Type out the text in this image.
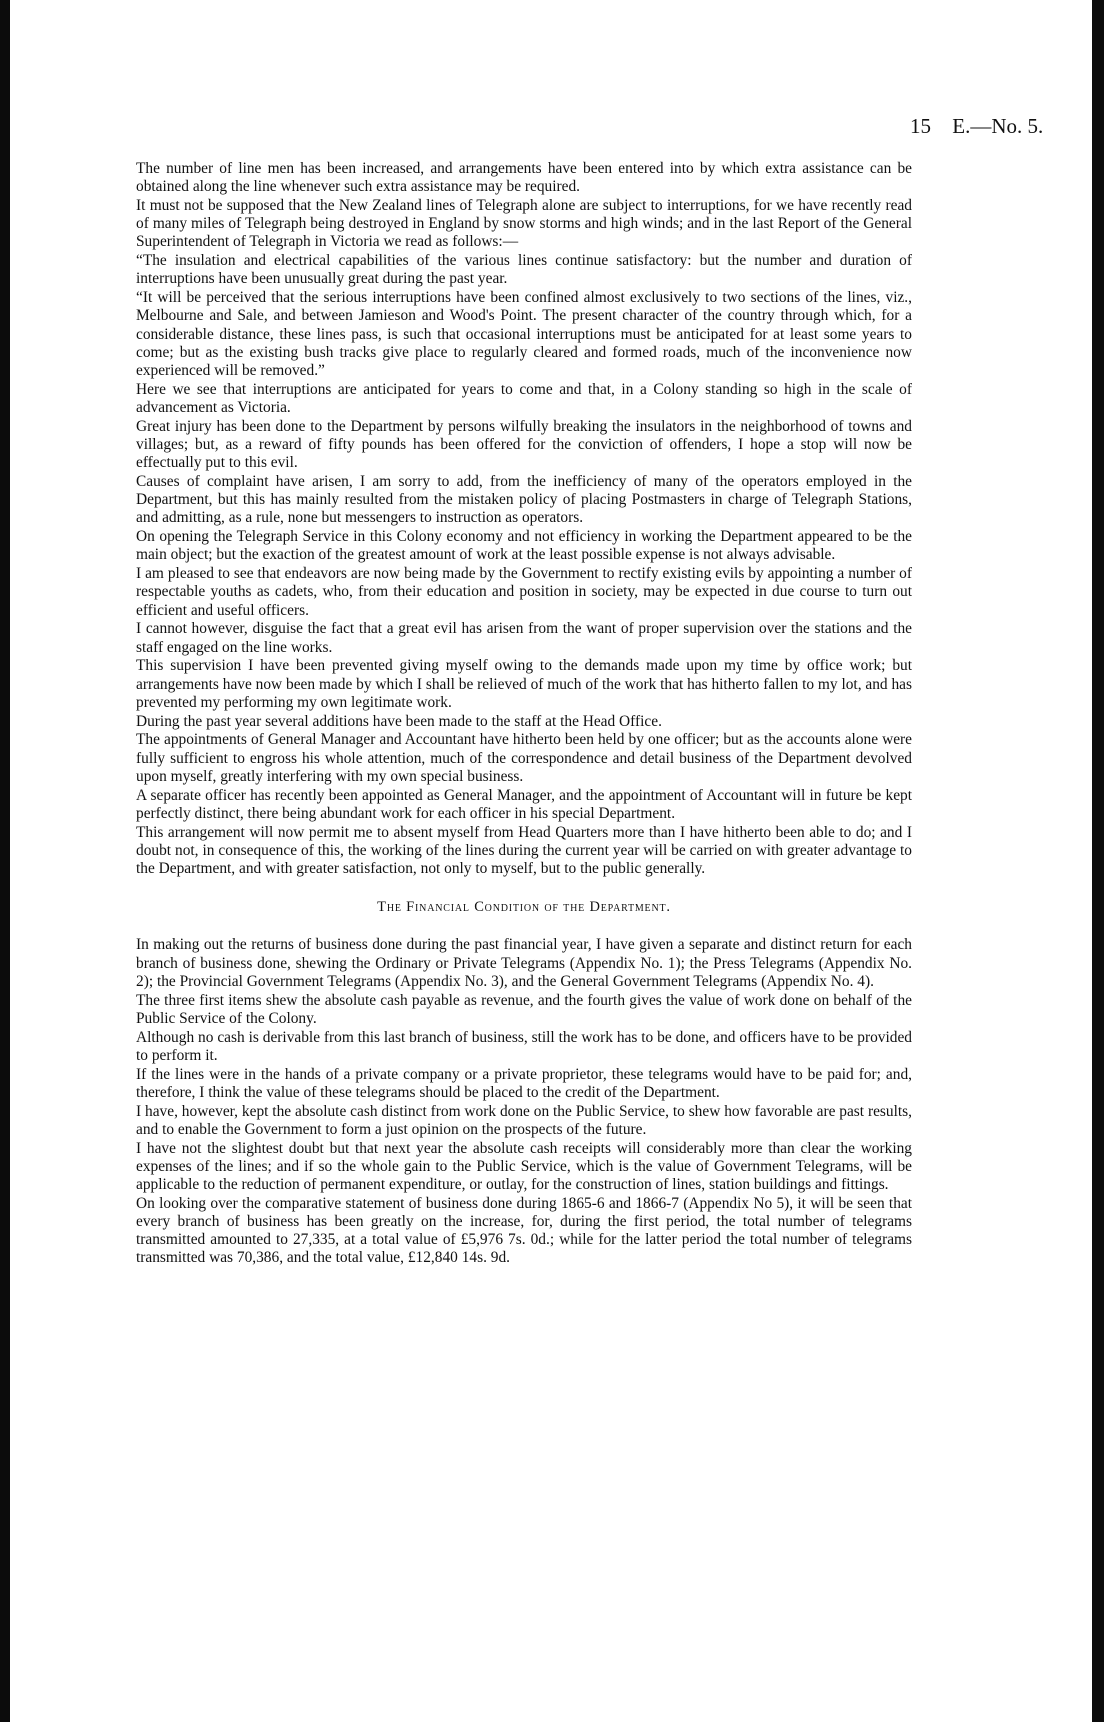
15 E.—No. 5.

The number of line men has been increased, and arrangements have been entered into by which extra assistance can be obtained along the line whenever such extra assistance may be required.

It must not be supposed that the New Zealand lines of Telegraph alone are subject to interruptions, for we have recently read of many miles of Telegraph being destroyed in England by snow storms and high winds; and in the last Report of the General Superintendent of Telegraph in Victoria we read as follows:—

“The insulation and electrical capabilities of the various lines continue satisfactory: but the number and duration of interruptions have been unusually great during the past year.

“It will be perceived that the serious interruptions have been confined almost exclusively to two sections of the lines, viz., Melbourne and Sale, and between Jamieson and Wood's Point. The present character of the country through which, for a considerable distance, these lines pass, is such that occasional interruptions must be anticipated for at least some years to come; but as the existing bush tracks give place to regularly cleared and formed roads, much of the inconvenience now experienced will be removed.”

Here we see that interruptions are anticipated for years to come and that, in a Colony standing so high in the scale of advancement as Victoria.

Great injury has been done to the Department by persons wilfully breaking the insulators in the neighborhood of towns and villages; but, as a reward of fifty pounds has been offered for the conviction of offenders, I hope a stop will now be effectually put to this evil.

Causes of complaint have arisen, I am sorry to add, from the inefficiency of many of the operators employed in the Department, but this has mainly resulted from the mistaken policy of placing Postmasters in charge of Telegraph Stations, and admitting, as a rule, none but messengers to instruction as operators.

On opening the Telegraph Service in this Colony economy and not efficiency in working the Department appeared to be the main object; but the exaction of the greatest amount of work at the least possible expense is not always advisable.

I am pleased to see that endeavors are now being made by the Government to rectify existing evils by appointing a number of respectable youths as cadets, who, from their education and position in society, may be expected in due course to turn out efficient and useful officers.

I cannot however, disguise the fact that a great evil has arisen from the want of proper supervision over the stations and the staff engaged on the line works.

This supervision I have been prevented giving myself owing to the demands made upon my time by office work; but arrangements have now been made by which I shall be relieved of much of the work that has hitherto fallen to my lot, and has prevented my performing my own legitimate work.

During the past year several additions have been made to the staff at the Head Office.

The appointments of General Manager and Accountant have hitherto been held by one officer; but as the accounts alone were fully sufficient to engross his whole attention, much of the correspondence and detail business of the Department devolved upon myself, greatly interfering with my own special business.

A separate officer has recently been appointed as General Manager, and the appointment of Accountant will in future be kept perfectly distinct, there being abundant work for each officer in his special Department.

This arrangement will now permit me to absent myself from Head Quarters more than I have hitherto been able to do; and I doubt not, in consequence of this, the working of the lines during the current year will be carried on with greater advantage to the Department, and with greater satisfaction, not only to myself, but to the public generally.

The Financial Condition of the Department.

In making out the returns of business done during the past financial year, I have given a separate and distinct return for each branch of business done, shewing the Ordinary or Private Telegrams (Appendix No. 1); the Press Telegrams (Appendix No. 2); the Provincial Government Telegrams (Appendix No. 3), and the General Government Telegrams (Appendix No. 4).

The three first items shew the absolute cash payable as revenue, and the fourth gives the value of work done on behalf of the Public Service of the Colony.

Although no cash is derivable from this last branch of business, still the work has to be done, and officers have to be provided to perform it.

If the lines were in the hands of a private company or a private proprietor, these telegrams would have to be paid for; and, therefore, I think the value of these telegrams should be placed to the credit of the Department.

I have, however, kept the absolute cash distinct from work done on the Public Service, to shew how favorable are past results, and to enable the Government to form a just opinion on the prospects of the future.

I have not the slightest doubt but that next year the absolute cash receipts will considerably more than clear the working expenses of the lines; and if so the whole gain to the Public Service, which is the value of Government Telegrams, will be applicable to the reduction of permanent expenditure, or outlay, for the construction of lines, station buildings and fittings.

On looking over the comparative statement of business done during 1865-6 and 1866-7 (Appendix No 5), it will be seen that every branch of business has been greatly on the increase, for, during the first period, the total number of telegrams transmitted amounted to 27,335, at a total value of £5,976 7s. 0d.; while for the latter period the total number of telegrams transmitted was 70,386, and the total value, £12,840 14s. 9d.
